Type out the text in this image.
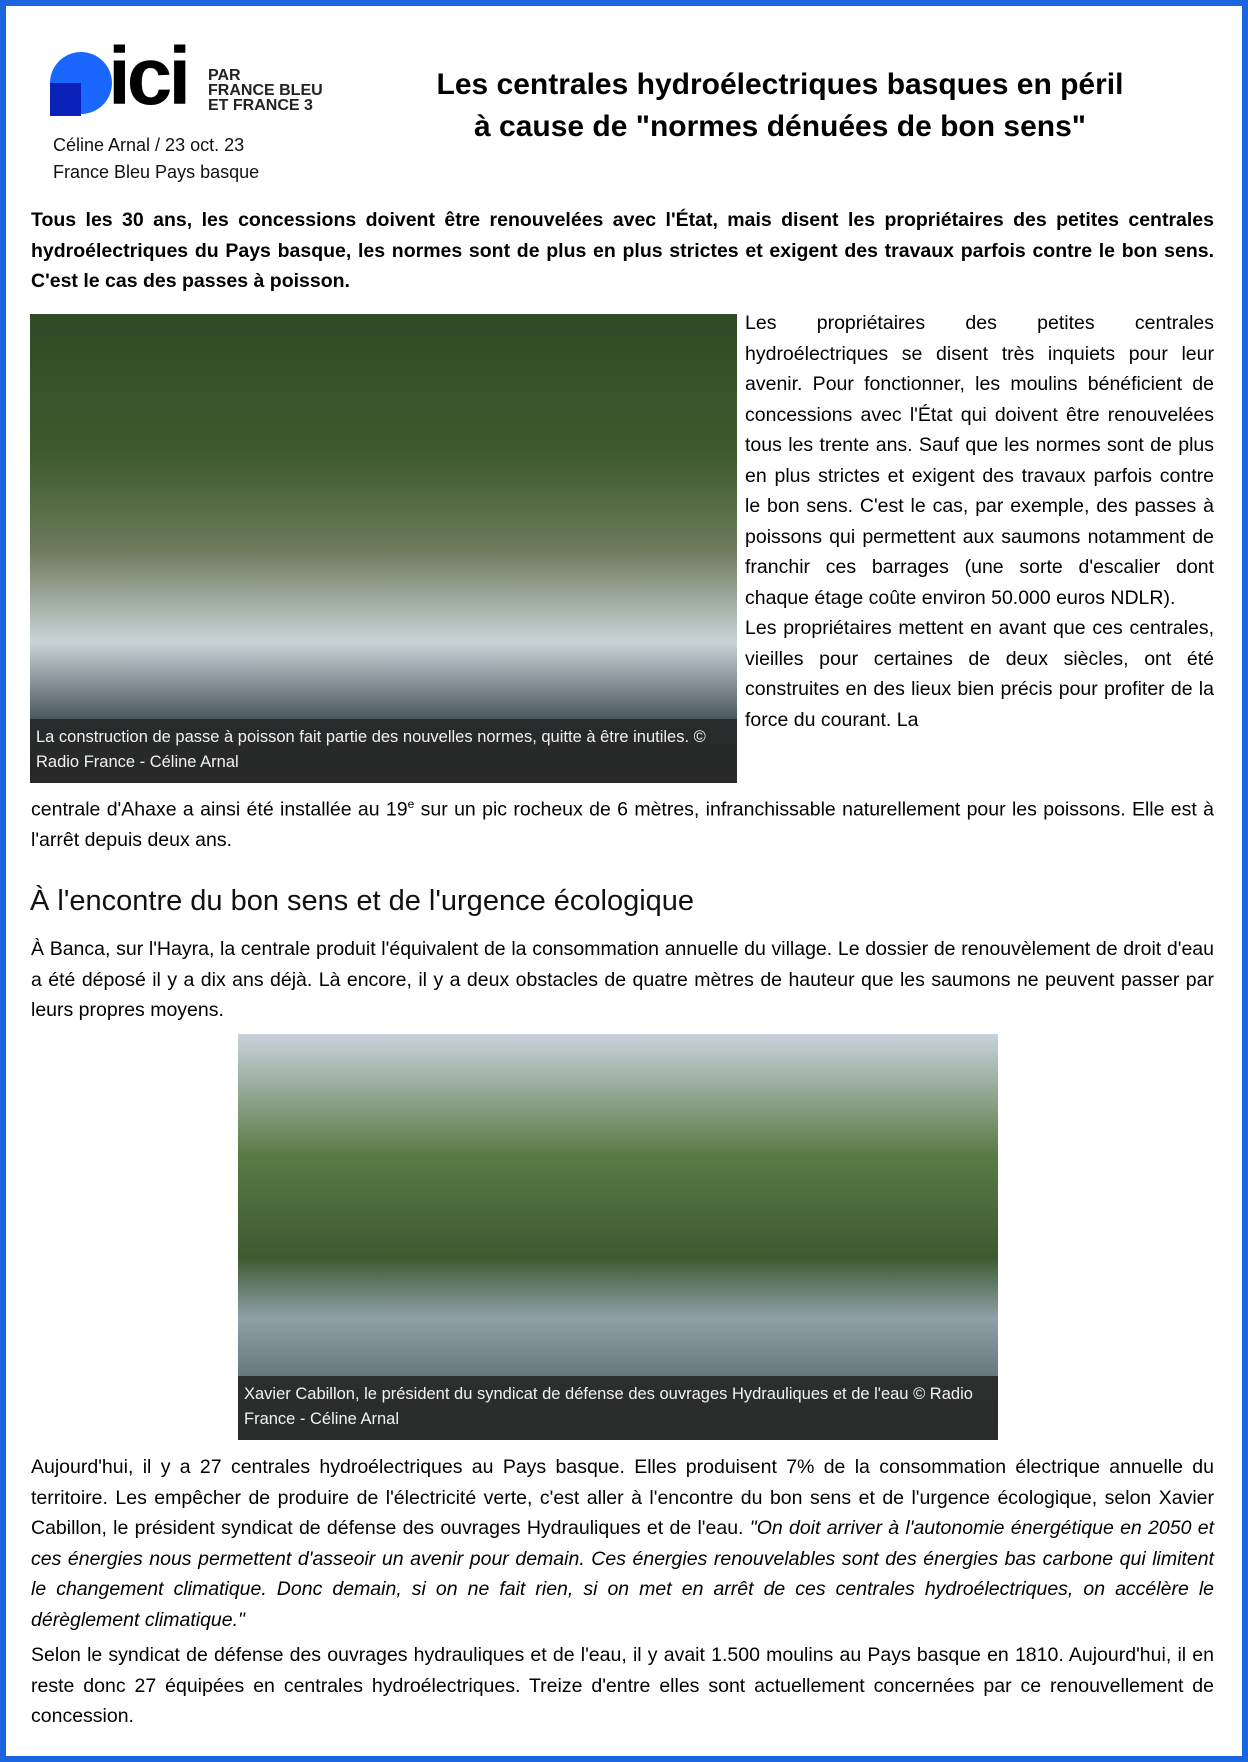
ici PAR
FRANCE BLEU
ET FRANCE 3
Céline Arnal / 23 oct. 23
France Bleu Pays basque
Les centrales hydroélectriques basques en péril
à cause de "normes dénuées de bon sens"
Tous les 30 ans, les concessions doivent être renouvelées avec l'État, mais disent les propriétaires des petites centrales hydroélectriques du Pays basque, les normes sont de plus en plus strictes et exigent des travaux parfois contre le bon sens. C'est le cas des passes à poisson.
La construction de passe à poisson fait partie des nouvelles normes, quitte à être inutiles. © Radio France - Céline Arnal
Les propriétaires des petites centrales hydroélectriques se disent très inquiets pour leur avenir. Pour fonctionner, les moulins bénéficient de concessions avec l'État qui doivent être renouvelées tous les trente ans. Sauf que les normes sont de plus en plus strictes et exigent des travaux parfois contre le bon sens. C'est le cas, par exemple, des passes à poissons qui permettent aux saumons notamment de franchir ces barrages (une sorte d'escalier dont chaque étage coûte environ 50.000 euros NDLR).
Les propriétaires mettent en avant que ces centrales, vieilles pour certaines de deux siècles, ont été construites en des lieux bien précis pour profiter de la force du courant. La
centrale d'Ahaxe a ainsi été installée au 19e sur un pic rocheux de 6 mètres, infranchissable naturellement pour les poissons. Elle est à l'arrêt depuis deux ans.
À l'encontre du bon sens et de l'urgence écologique
À Banca, sur l'Hayra, la centrale produit l'équivalent de la consommation annuelle du village. Le dossier de renouvèlement de droit d'eau a été déposé il y a dix ans déjà. Là encore, il y a deux obstacles de quatre mètres de hauteur que les saumons ne peuvent passer par leurs propres moyens.
Xavier Cabillon, le président du syndicat de défense des ouvrages Hydrauliques et de l'eau © Radio France - Céline Arnal
Aujourd'hui, il y a 27 centrales hydroélectriques au Pays basque. Elles produisent 7% de la consommation électrique annuelle du territoire. Les empêcher de produire de l'électricité verte, c'est aller à l'encontre du bon sens et de l'urgence écologique, selon Xavier Cabillon, le président syndicat de défense des ouvrages Hydrauliques et de l'eau. "On doit arriver à l'autonomie énergétique en 2050 et ces énergies nous permettent d'asseoir un avenir pour demain. Ces énergies renouvelables sont des énergies bas carbone qui limitent le changement climatique. Donc demain, si on ne fait rien, si on met en arrêt de ces centrales hydroélectriques, on accélère le dérèglement climatique."
Selon le syndicat de défense des ouvrages hydrauliques et de l'eau, il y avait 1.500 moulins au Pays basque en 1810. Aujourd'hui, il en reste donc 27 équipées en centrales hydroélectriques. Treize d'entre elles sont actuellement concernées par ce renouvellement de concession.
